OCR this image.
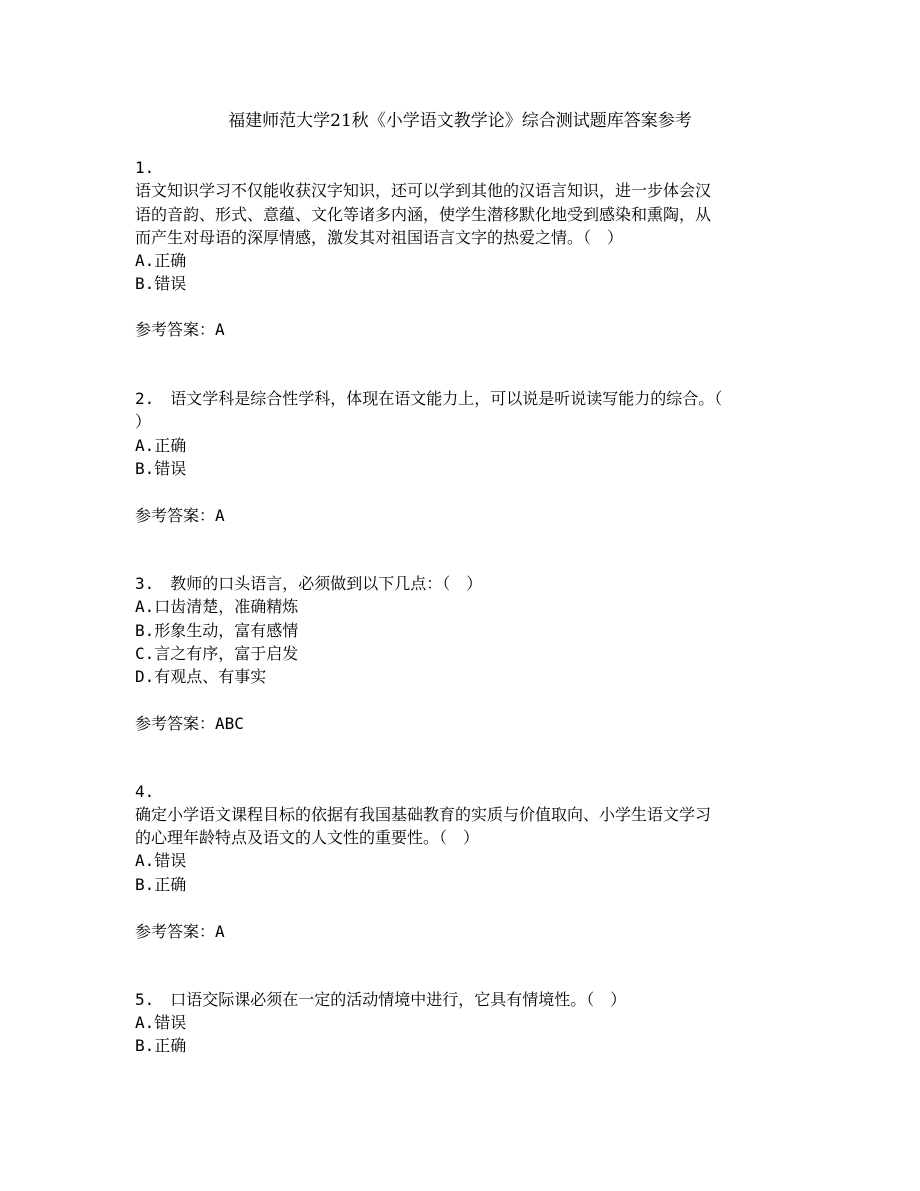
福建师范大学21秋《小学语文教学论》综合测试题库答案参考
1.
语文知识学习不仅能收获汉字知识，还可以学到其他的汉语言知识，进一步体会汉
语的音韵、形式、意蕴、文化等诸多内涵，使学生潜移默化地受到感染和熏陶，从
而产生对母语的深厚情感，激发其对祖国语言文字的热爱之情。（　）
A.正确
B.错误
参考答案：A
2.　语文学科是综合性学科，体现在语文能力上，可以说是听说读写能力的综合。（
）
A.正确
B.错误
参考答案：A
3.　教师的口头语言，必须做到以下几点：（　）
A.口齿清楚，准确精炼
B.形象生动，富有感情
C.言之有序，富于启发
D.有观点、有事实
参考答案：ABC
4.
确定小学语文课程目标的依据有我国基础教育的实质与价值取向、小学生语文学习
的心理年龄特点及语文的人文性的重要性。（　）
A.错误
B.正确
参考答案：A
5.　口语交际课必须在一定的活动情境中进行，它具有情境性。（　）
A.错误
B.正确
